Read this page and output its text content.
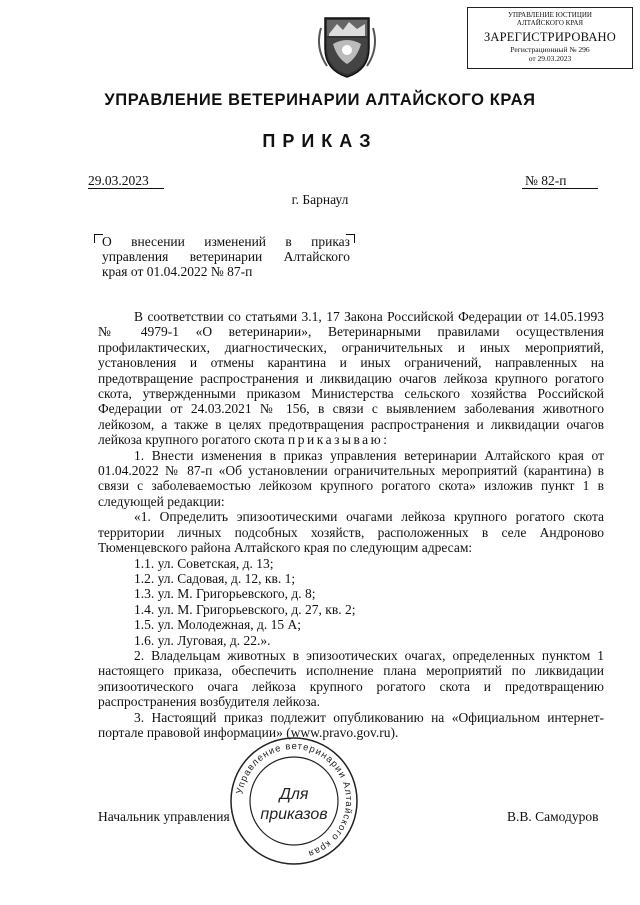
УПРАВЛЕНИЕ ЮСТИЦИИ АЛТАЙСКОГО КРАЯ
ЗАРЕГИСТРИРОВАНО
Регистрационный № 296
от 29.03.2023
УПРАВЛЕНИЕ ВЕТЕРИНАРИИ АЛТАЙСКОГО КРАЯ
ПРИКАЗ
29.03.2023	№ 82-п
г. Барнаул
О внесении изменений в приказ
управления ветеринарии Алтайского
края от 01.04.2022 № 87-п

В соответствии со статьями 3.1, 17 Закона Российской Федерации от 14.05.1993 № 4979-1 «О ветеринарии», Ветеринарными правилами осуществления профилактических, диагностических, ограничительных и иных мероприятий, установления и отмены карантина и иных ограничений, направленных на предотвращение распространения и ликвидацию очагов лейкоза крупного рогатого скота, утвержденными приказом Министерства сельского хозяйства Российской Федерации от 24.03.2021 № 156, в связи с выявлением заболевания животного лейкозом, а также в целях предотвращения распространения и ликвидации очагов лейкоза крупного рогатого скота приказываю:

1. Внести изменения в приказ управления ветеринарии Алтайского края от 01.04.2022 № 87-п «Об установлении ограничительных мероприятий (карантина) в связи с заболеваемостью лейкозом крупного рогатого скота» изложив пункт 1 в следующей редакции:

«1. Определить эпизоотическими очагами лейкоза крупного рогатого скота территории личных подсобных хозяйств, расположенных в селе Андроново Тюменцевского района Алтайского края по следующим адресам:

1.1. ул. Советская, д. 13;

1.2. ул. Садовая, д. 12, кв. 1;

1.3. ул. М. Григорьевского, д. 8;

1.4. ул. М. Григорьевского, д. 27, кв. 2;

1.5. ул. Молодежная, д. 15 А;

1.6. ул. Луговая, д. 22.».

2. Владельцам животных в эпизоотических очагах, определенных пунктом 1 настоящего приказа, обеспечить исполнение плана мероприятий по ликвидации эпизоотического очага лейкоза крупного рогатого скота и предотвращению распространения возбудителя лейкоза.

3. Настоящий приказ подлежит опубликованию на «Официальном интернет-портале правовой информации» (www.pravo.gov.ru).

Начальник управления	В.В. Самодуров
Управление ветеринарии Алтайского края
Для
приказов
